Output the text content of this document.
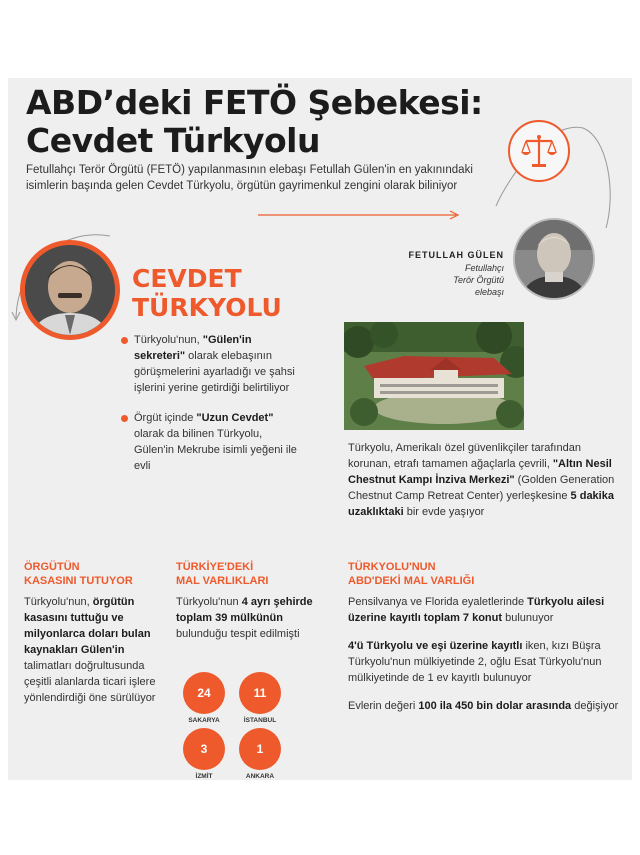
ABD’deki FETÖ Şebekesi:
Cevdet Türkyolu

Fetullahçı Terör Örgütü (FETÖ) yapılanmasının elebaşı Fetullah Gülen'in en yakınındaki isimlerin başında gelen Cevdet Türkyolu, örgütün gayrimenkul zengini olarak biliniyor

FETULLAH GÜLEN
Fetullahçı
Terör Örgütü
elebaşı
CEVDET
TÜRKYOLU
Türkyolu'nun, "Gülen'in sekreteri" olarak elebaşının görüşmelerini ayarladığı ve şahsi işlerini yerine getirdiği belirtiliyor
Örgüt içinde "Uzun Cevdet" olarak da bilinen Türkyolu, Gülen'in Mekrube isimli yeğeni ile evli

Türkyolu, Amerikalı özel güvenlikçiler tarafından korunan, etrafı tamamen ağaçlarla çevrili, "Altın Nesil Chestnut Kampı İnziva Merkezi" (Golden Generation Chestnut Camp Retreat Center) yerleşkesine 5 dakika uzaklıktaki bir evde yaşıyor

ÖRGÜTÜN
KASASINI TUTUYOR

Türkyolu'nun, örgütün kasasını tuttuğu ve milyonlarca doları bulan kaynakları Gülen'in talimatları doğrultusunda çeşitli alanlarda ticari işlere yönlendirdiği öne sürülüyor

TÜRKİYE'DEKİ
MAL VARLIKLARI

Türkyolu'nun 4 ayrı şehirde toplam 39 mülkünün bulunduğu tespit edilmişti

24
SAKARYA
11
İSTANBUL
3
İZMİT
1
ANKARA

TÜRKYOLU'NUN
ABD'DEKİ MAL VARLIĞI

Pensilvanya ve Florida eyaletlerinde Türkyolu ailesi üzerine kayıtlı toplam 7 konut bulunuyor

4'ü Türkyolu ve eşi üzerine kayıtlı iken, kızı Büşra Türkyolu'nun mülkiyetinde 2, oğlu Esat Türkyolu'nun mülkiyetinde de 1 ev kayıtlı bulunuyor

Evlerin değeri 100 ila 450 bin dolar arasında değişiyor
